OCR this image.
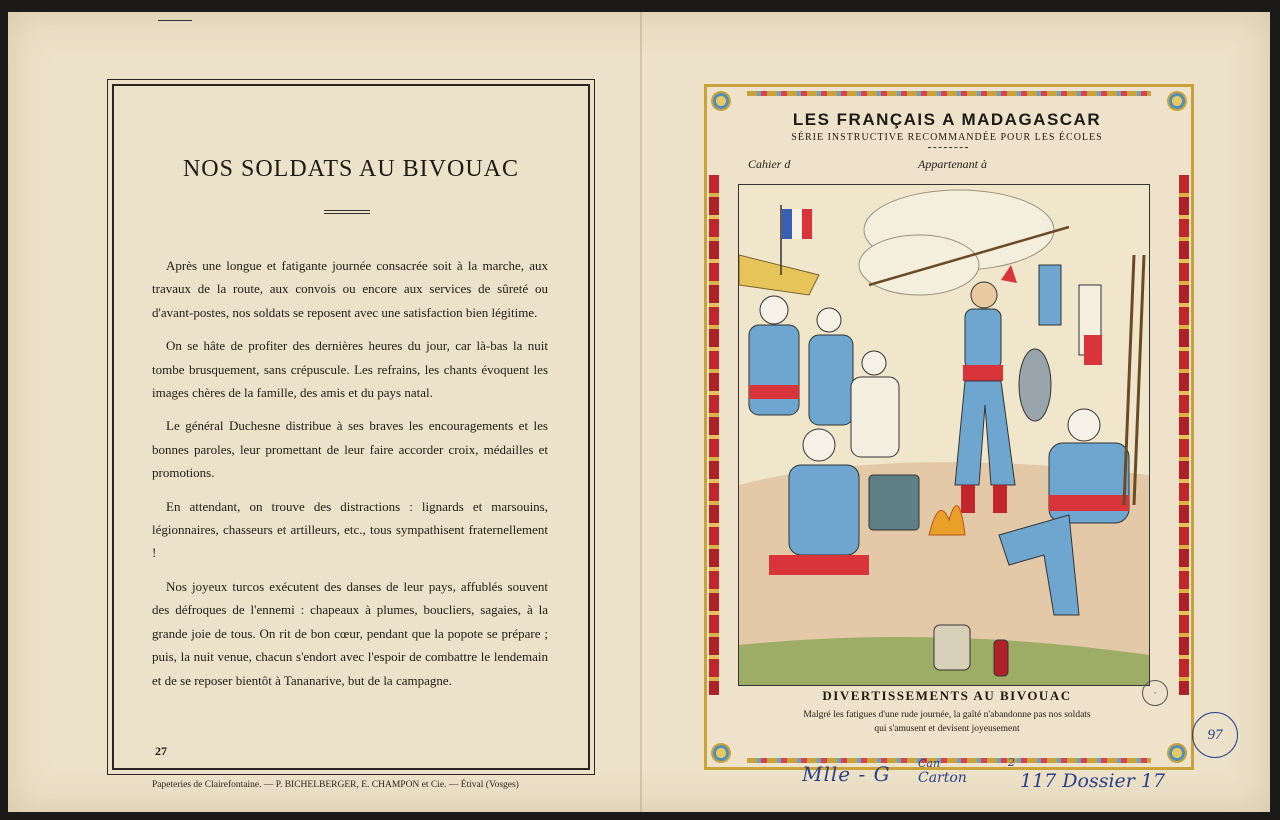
NOS SOLDATS AU BIVOUAC

Après une longue et fatigante journée consacrée soit à la marche, aux travaux de la route, aux convois ou encore aux services de sûreté ou d'avant-postes, nos soldats se reposent avec une satisfaction bien légitime.

On se hâte de profiter des dernières heures du jour, car là-bas la nuit tombe brusquement, sans crépuscule. Les refrains, les chants évoquent les images chères de la famille, des amis et du pays natal.

Le général Duchesne distribue à ses braves les encouragements et les bonnes paroles, leur promettant de leur faire accorder croix, médailles et promotions.

En attendant, on trouve des distractions : lignards et marsouins, légionnaires, chasseurs et artilleurs, etc., tous sympathisent fraternellement !

Nos joyeux turcos exécutent des danses de leur pays, affublés souvent des défroques de l'ennemi : chapeaux à plumes, boucliers, sagaies, à la grande joie de tous. On rit de bon cœur, pendant que la popote se prépare ; puis, la nuit venue, chacun s'endort avec l'espoir de combattre le lendemain et de se reposer bientôt à Tananarive, but de la campagne.

27
Papeteries de Clairefontaine. — P. BICHELBERGER, E. CHAMPON et Cie. — Étival (Vosges)
LES FRANÇAIS A MADAGASCAR
SÉRIE INSTRUCTIVE RECOMMANDÉE POUR LES ÉCOLES
Cahier d	Appartenant à
DIVERTISSEMENTS AU BIVOUAC
Malgré les fatigues d'une rude journée, la gaîté n'abandonne pas nos soldats
qui s'amusent et devisent joyeusement
◦
Mlle - G Can
Carton
2
117 Dossier 17
97
